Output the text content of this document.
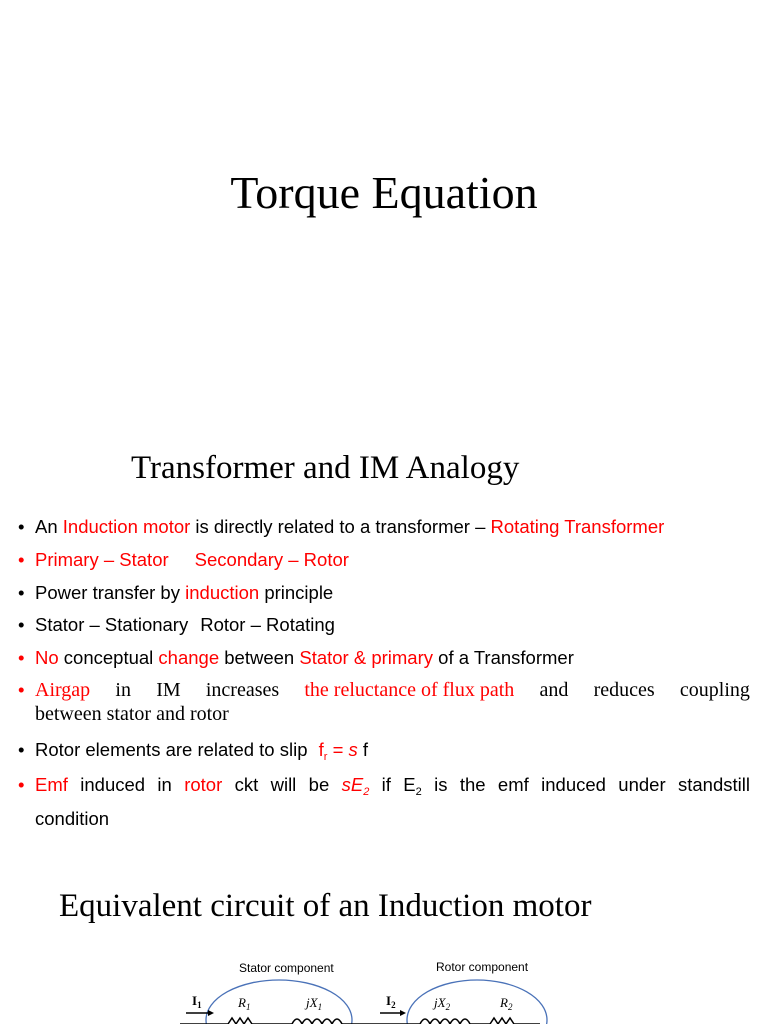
Torque Equation
Transformer and IM Analogy
• An Induction motor is directly related to a transformer – Rotating Transformer
• Primary – Stator Secondary – Rotor
• Power transfer by induction principle
• Stator – Stationary Rotor – Rotating
• No conceptual change between Stator & primary of a Transformer
• Airgap in IM increases the reluctance of flux path and reduces coupling
between stator and rotor
• Rotor elements are related to slip $f_r = s$ f
• Emf induced in rotor ckt will be $sE_2$ if $E_2$ is the emf induced under standstill
condition
Equivalent circuit of an Induction motor
Stator component	Rotor component
$I_1$	$R_1$	$jX_1$	$I_2$	$jX_2$	$R_2$
